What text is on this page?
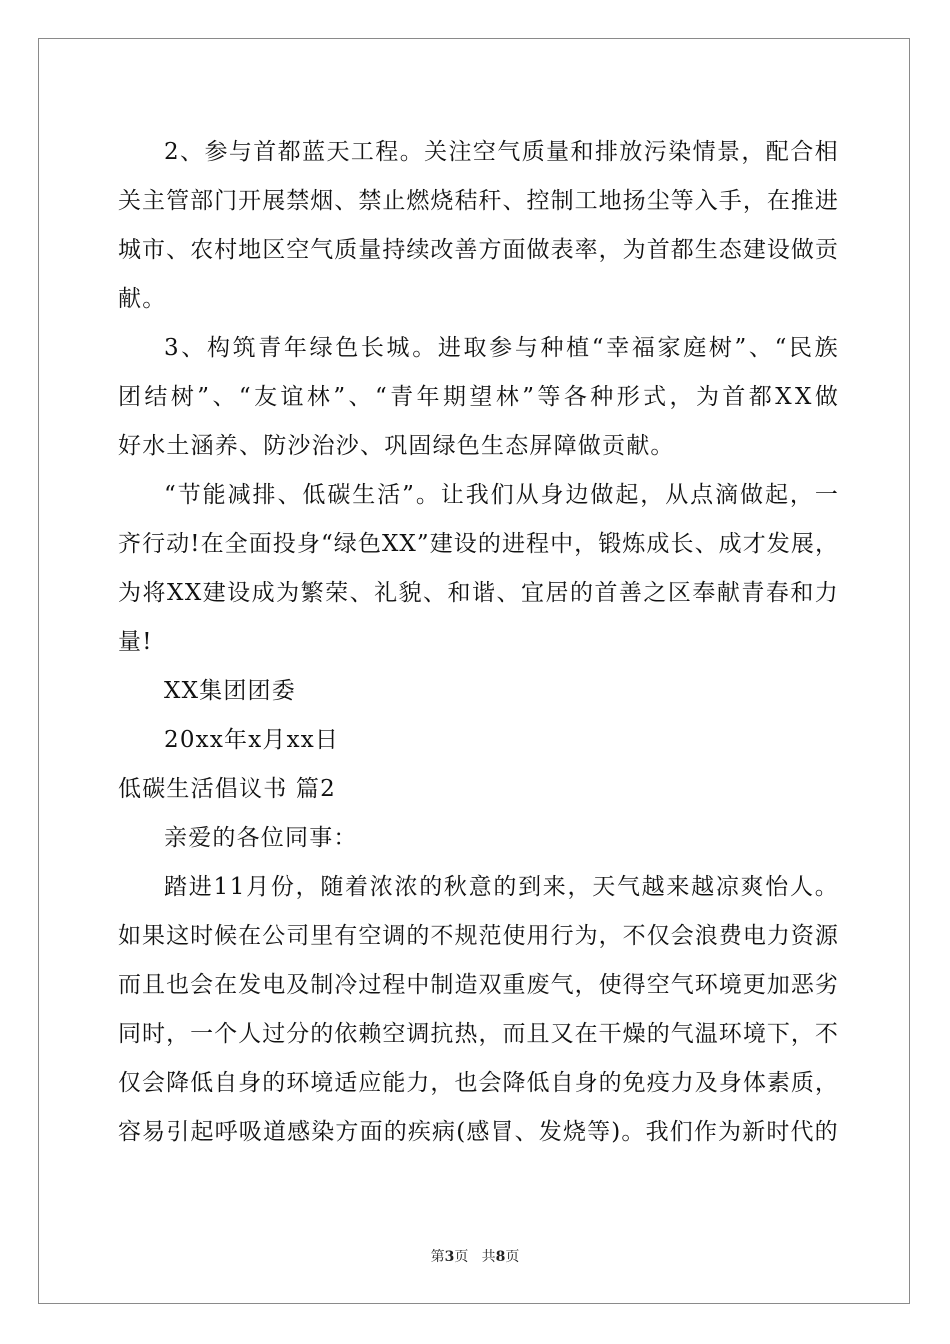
2 、 参 与 首 都 蓝 天 工 程 。 关 注 空 气 质 量 和 排 放 污 染 情 景 ， 配 合 相
关 主 管 部 门 开 展 禁 烟 、 禁 止 燃 烧 秸 秆 、 控 制 工 地 扬 尘 等 入 手 ， 在 推 进
城 市 、 农 村 地 区 空 气 质 量 持 续 改 善 方 面 做 表 率 ， 为 首 都 生 态 建 设 做 贡
献。
3 、 构 筑 青 年 绿 色 长 城 。 进 取 参 与 种 植 “ 幸 福 家 庭 树 ” 、 “ 民 族
团 结 树 ” 、 “ 友 谊 林 ” 、 “ 青 年 期 望 林 ” 等 各 种 形 式 ， 为 首 都 X X 做
好水土涵养、防沙治沙、巩固绿色生态屏障做贡献。
“ 节 能 减 排 、 低 碳 生 活 ” 。 让 我 们 从 身 边 做 起 ， 从 点 滴 做 起 ， 一
齐 行 动 ! 在 全 面 投 身 “ 绿 色 X X ” 建 设 的 进 程 中 ， 锻 炼 成 长 、 成 才 发 展 ，
为 将 X X 建 设 成 为 繁 荣 、 礼 貌 、 和 谐 、 宜 居 的 首 善 之 区 奉 献 青 春 和 力
量!
XX集团团委
20xx年x月xx日
低碳生活倡议书 篇2
亲爱的各位同事：
踏 进 1 1 月 份 ， 随 着 浓 浓 的 秋 意 的 到 来 ， 天 气 越 来 越 凉 爽 怡 人 。
如 果 这 时 候 在 公 司 里 有 空 调 的 不 规 范 使 用 行 为 ， 不 仅 会 浪 费 电 力 资 源
而 且 也 会 在 发 电 及 制 冷 过 程 中 制 造 双 重 废 气 ， 使 得 空 气 环 境 更 加 恶 劣
同 时 ， 一 个 人 过 分 的 依 赖 空 调 抗 热 ， 而 且 又 在 干 燥 的 气 温 环 境 下 ， 不
仅 会 降 低 自 身 的 环 境 适 应 能 力 ， 也 会 降 低 自 身 的 免 疫 力 及 身 体 素 质 ，
容 易 引 起 呼 吸 道 感 染 方 面 的 疾 病 ( 感 冒 、 发 烧 等 ) 。 我 们 作 为 新 时 代 的
第3页 共8页
